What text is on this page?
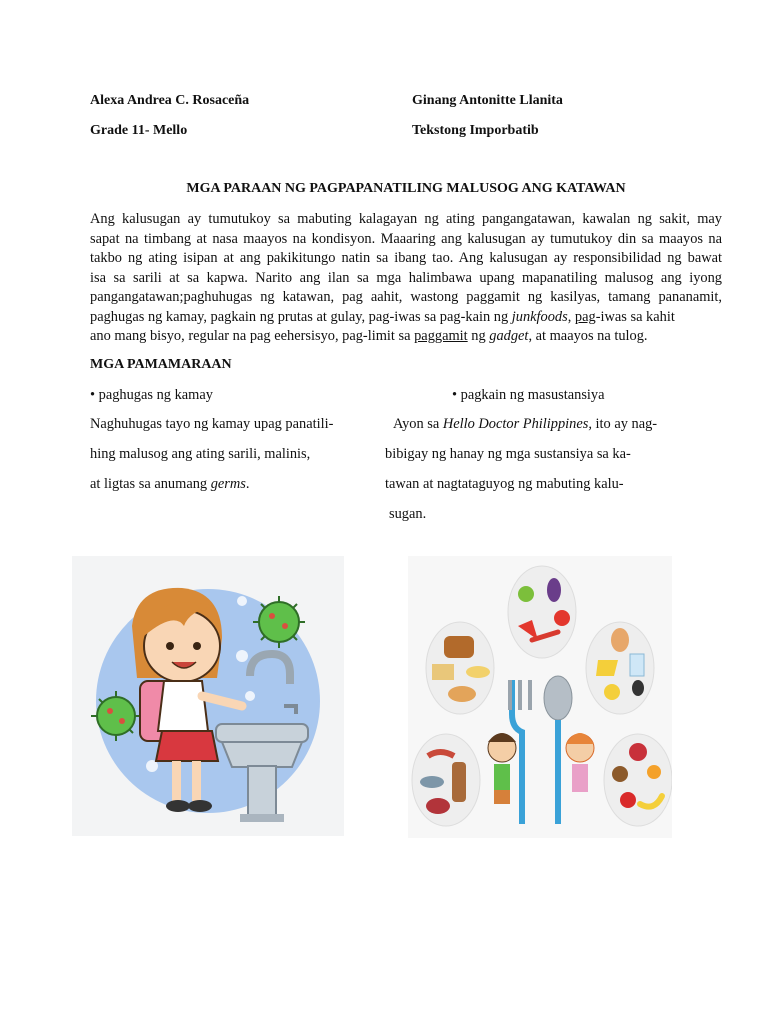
Alexa Andrea C. Rosaceña	Ginang Antonitte Llanita
Grade 11- Mello	Tekstong Imporbatib
MGA PARAAN NG PAGPAPANATILING MALUSOG ANG KATAWAN
Ang kalusugan ay tumutukoy sa mabuting kalagayan ng ating pangangatawan, kawalan ng sakit, may
sapat na timbang at nasa maayos na kondisyon. Maaaring ang kalusugan ay tumutukoy din sa maayos na
takbo ng ating isipan at ang pakikitungo natin sa ibang tao. Ang kalusugan ay responsibilidad ng bawat
isa sa sarili at sa kapwa. Narito ang ilan sa mga halimbawa upang mapanatiling malusog ang iyong
pangangatawan;paghuhugas ng katawan, pag aahit, wastong paggamit ng kasilyas, tamang pananamit,
paghugas ng kamay, pagkain ng prutas at gulay, pag-iwas sa pag-kain ng junkfoods, pag-iwas sa kahit
ano mang bisyo, regular na pag eehersisyo, pag-limit sa paggamit ng gadget, at maayos na tulog.
MGA PAMAMARAAN
• paghugas ng kamay
Naghuhugas tayo ng kamay upag panatili-
hing malusog ang ating sarili, malinis,
at ligtas sa anumang germs.
• pagkain ng masustansiya
Ayon sa Hello Doctor Philippines, ito ay nag-
bibigay ng hanay ng mga sustansiya sa ka-
tawan at nagtataguyog ng mabuting kalu-
sugan.
